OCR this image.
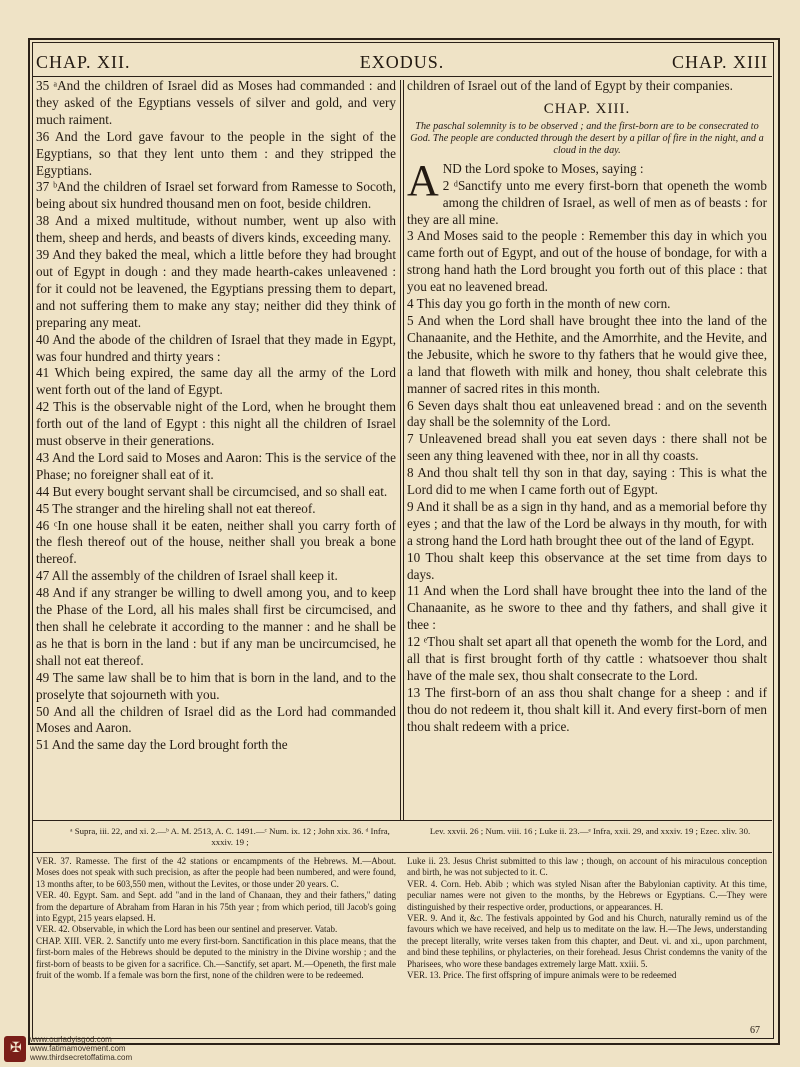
CHAP. XII.	EXODUS.	CHAP. XIII

35 ᵃAnd the children of Israel did as Moses had commanded : and they asked of the Egyptians vessels of silver and gold, and very much raiment.

36 And the Lord gave favour to the people in the sight of the Egyptians, so that they lent unto them : and they stripped the Egyptians.

37 ᵇAnd the children of Israel set forward from Ramesse to Socoth, being about six hundred thousand men on foot, beside children.

38 And a mixed multitude, without number, went up also with them, sheep and herds, and beasts of divers kinds, exceeding many.

39 And they baked the meal, which a little before they had brought out of Egypt in dough : and they made hearth-cakes unleavened : for it could not be leavened, the Egyptians pressing them to depart, and not suffering them to make any stay; neither did they think of preparing any meat.

40 And the abode of the children of Israel that they made in Egypt, was four hundred and thirty years :

41 Which being expired, the same day all the army of the Lord went forth out of the land of Egypt.

42 This is the observable night of the Lord, when he brought them forth out of the land of Egypt : this night all the children of Israel must observe in their generations.

43 And the Lord said to Moses and Aaron: This is the service of the Phase; no foreigner shall eat of it.

44 But every bought servant shall be circumcised, and so shall eat.

45 The stranger and the hireling shall not eat thereof.

46 ᶜIn one house shall it be eaten, neither shall you carry forth of the flesh thereof out of the house, neither shall you break a bone thereof.

47 All the assembly of the children of Israel shall keep it.

48 And if any stranger be willing to dwell among you, and to keep the Phase of the Lord, all his males shall first be circumcised, and then shall he celebrate it according to the manner : and he shall be as he that is born in the land : but if any man be uncircumcised, he shall not eat thereof.

49 The same law shall be to him that is born in the land, and to the proselyte that sojourneth with you.

50 And all the children of Israel did as the Lord had commanded Moses and Aaron.

51 And the same day the Lord brought forth the

children of Israel out of the land of Egypt by their companies.

CHAP. XIII.
The paschal solemnity is to be observed ; and the first-born are to be consecrated to God. The people are conducted through the desert by a pillar of fire in the night, and a cloud in the day.

AND the Lord spoke to Moses, saying :

2 ᵈSanctify unto me every first-born that openeth the womb among the children of Israel, as well of men as of beasts : for they are all mine.

3 And Moses said to the people : Remember this day in which you came forth out of Egypt, and out of the house of bondage, for with a strong hand hath the Lord brought you forth out of this place : that you eat no leavened bread.

4 This day you go forth in the month of new corn.

5 And when the Lord shall have brought thee into the land of the Chanaanite, and the Hethite, and the Amorrhite, and the Hevite, and the Jebusite, which he swore to thy fathers that he would give thee, a land that floweth with milk and honey, thou shalt celebrate this manner of sacred rites in this month.

6 Seven days shalt thou eat unleavened bread : and on the seventh day shall be the solemnity of the Lord.

7 Unleavened bread shall you eat seven days : there shall not be seen any thing leavened with thee, nor in all thy coasts.

8 And thou shalt tell thy son in that day, saying : This is what the Lord did to me when I came forth out of Egypt.

9 And it shall be as a sign in thy hand, and as a memorial before thy eyes ; and that the law of the Lord be always in thy mouth, for with a strong hand the Lord hath brought thee out of the land of Egypt.

10 Thou shalt keep this observance at the set time from days to days.

11 And when the Lord shall have brought thee into the land of the Chanaanite, as he swore to thee and thy fathers, and shall give it thee :

12 ᵉThou shalt set apart all that openeth the womb for the Lord, and all that is first brought forth of thy cattle : whatsoever thou shalt have of the male sex, thou shalt consecrate to the Lord.

13 The first-born of an ass thou shalt change for a sheep : and if thou do not redeem it, thou shalt kill it. And every first-born of men thou shalt redeem with a price.

ᵃ Supra, iii. 22, and xi. 2.—ᵇ A. M. 2513, A. C. 1491.—ᶜ Num. ix. 12 ; John xix. 36. ᵈ Infra, xxxiv. 19 ;
Lev. xxvii. 26 ; Num. viii. 16 ; Luke ii. 23.—ᵉ Infra, xxii. 29, and xxxiv. 19 ; Ezec. xliv. 30.

VER. 37. Ramesse. The first of the 42 stations or encampments of the Hebrews. M.—About. Moses does not speak with such precision, as after the people had been numbered, and were found, 13 months after, to be 603,550 men, without the Levites, or those under 20 years. C.

VER. 40. Egypt. Sam. and Sept. add "and in the land of Chanaan, they and their fathers," dating from the departure of Abraham from Haran in his 75th year ; from which period, till Jacob's going into Egypt, 215 years elapsed. H.

VER. 42. Observable, in which the Lord has been our sentinel and preserver. Vatab.

CHAP. XIII. VER. 2. Sanctify unto me every first-born. Sanctification in this place means, that the first-born males of the Hebrews should be deputed to the ministry in the Divine worship ; and the first-born of beasts to be given for a sacrifice. Ch.—Sanctify, set apart. M.—Openeth, the first male fruit of the womb. If a female was born the first, none of the children were to be redeemed.

Luke ii. 23. Jesus Christ submitted to this law ; though, on account of his miraculous conception and birth, he was not subjected to it. C.

VER. 4. Corn. Heb. Abib ; which was styled Nisan after the Babylonian captivity. At this time, peculiar names were not given to the months, by the Hebrews or Egyptians. C.—They were distinguished by their respective order, productions, or appearances. H.

VER. 9. And it, &c. The festivals appointed by God and his Church, naturally remind us of the favours which we have received, and help us to meditate on the law. H.—The Jews, understanding the precept literally, write verses taken from this chapter, and Deut. vi. and xi., upon parchment, and bind these tephilins, or phylacteries, on their forehead. Jesus Christ condemns the vanity of the Pharisees, who wore these bandages extremely large Matt. xxiii. 5.

VER. 13. Price. The first offspring of impure animals were to be redeemed

67
✠
www.ourladyisgod.com
www.fatimamovement.com
www.thirdsecretoffatima.com
